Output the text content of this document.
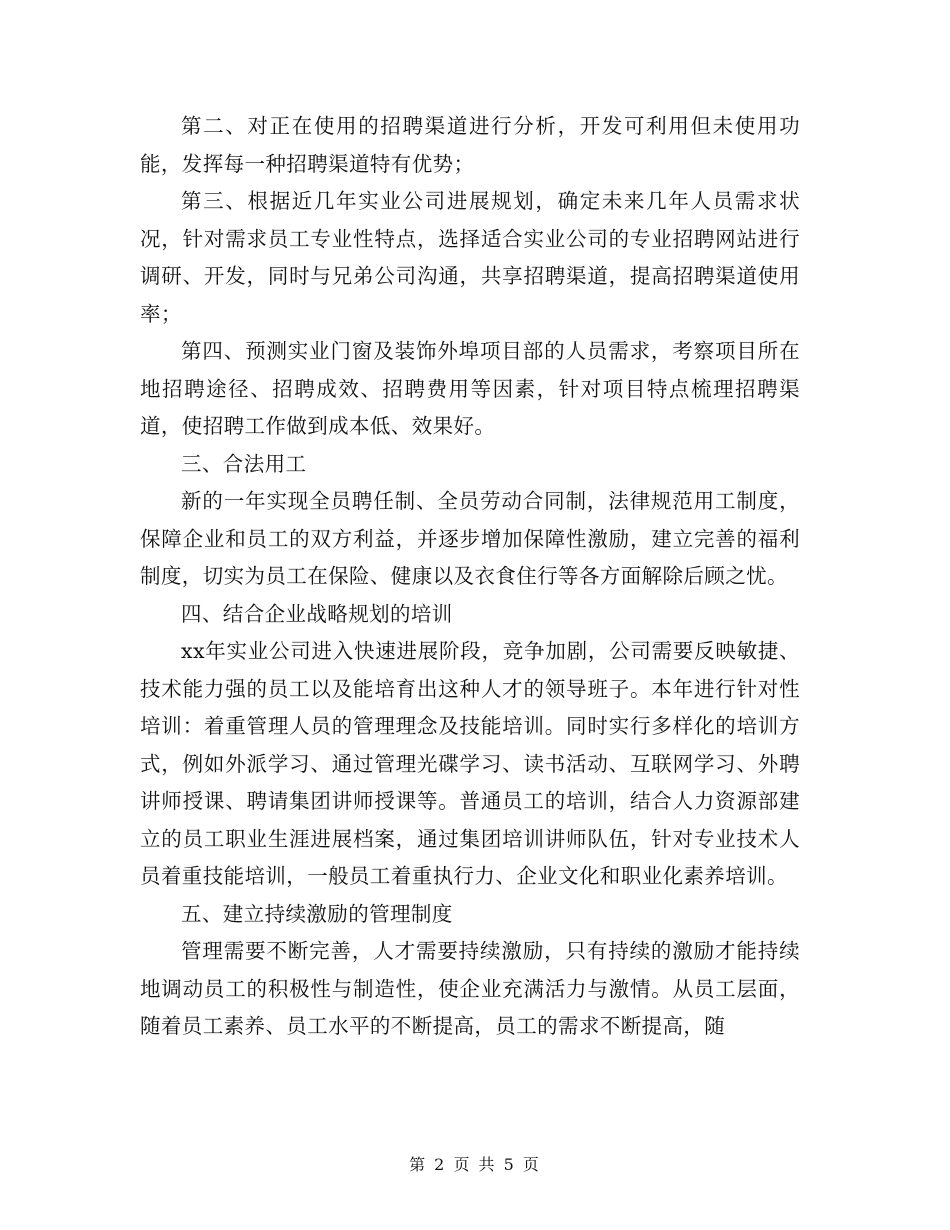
第二、对正在使用的招聘渠道进行分析，开发可利用但未使用功能，发挥每一种招聘渠道特有优势；

第三、根据近几年实业公司进展规划，确定未来几年人员需求状况，针对需求员工专业性特点，选择适合实业公司的专业招聘网站进行调研、开发，同时与兄弟公司沟通，共享招聘渠道，提高招聘渠道使用率；

第四、预测实业门窗及装饰外埠项目部的人员需求，考察项目所在地招聘途径、招聘成效、招聘费用等因素，针对项目特点梳理招聘渠道，使招聘工作做到成本低、效果好。

三、合法用工

新的一年实现全员聘任制、全员劳动合同制，法律规范用工制度，保障企业和员工的双方利益，并逐步增加保障性激励，建立完善的福利制度，切实为员工在保险、健康以及衣食住行等各方面解除后顾之忧。

四、结合企业战略规划的培训

xx年实业公司进入快速进展阶段，竞争加剧，公司需要反映敏捷、技术能力强的员工以及能培育出这种人才的领导班子。本年进行针对性培训：着重管理人员的管理理念及技能培训。同时实行多样化的培训方式，例如外派学习、通过管理光碟学习、读书活动、互联网学习、外聘讲师授课、聘请集团讲师授课等。普通员工的培训，结合人力资源部建立的员工职业生涯进展档案，通过集团培训讲师队伍，针对专业技术人员着重技能培训，一般员工着重执行力、企业文化和职业化素养培训。

五、建立持续激励的管理制度

管理需要不断完善，人才需要持续激励，只有持续的激励才能持续地调动员工的积极性与制造性，使企业充满活力与激情。从员工层面，随着员工素养、员工水平的不断提高，员工的需求不断提高，随

第 2 页 共 5 页
